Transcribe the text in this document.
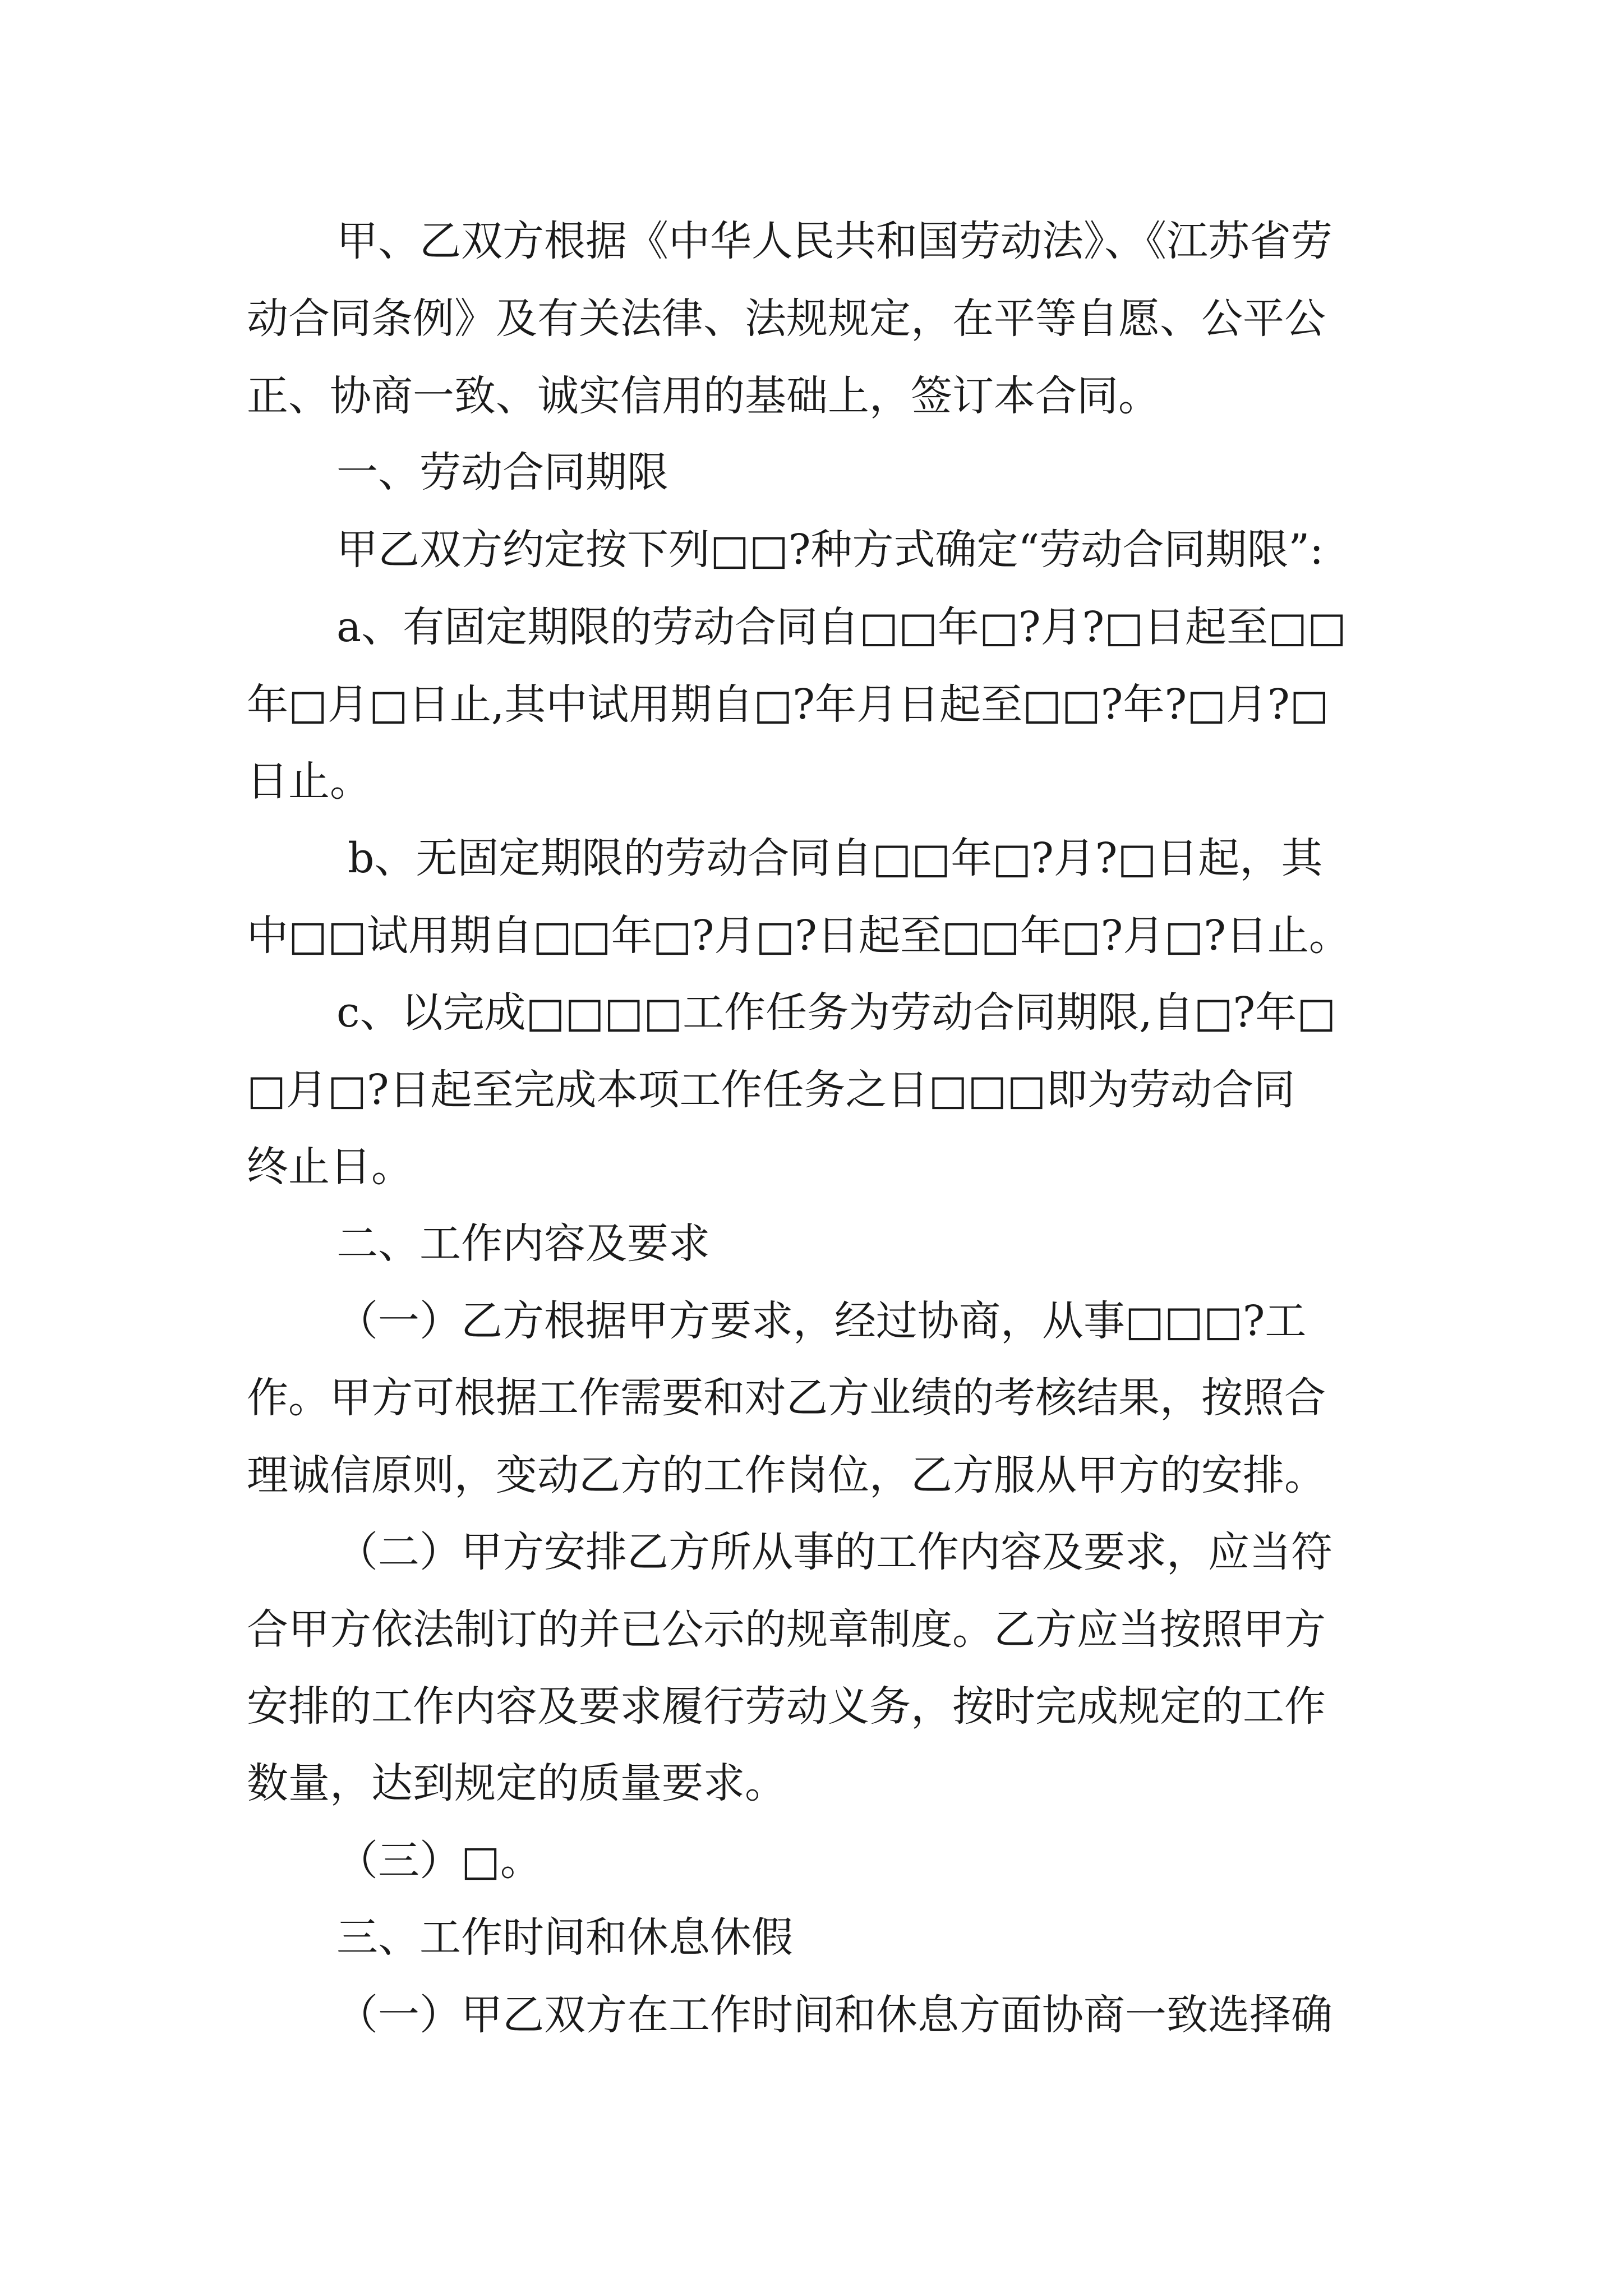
甲、乙双方根据《中华人民共和国劳动法》、《江苏省劳
动合同条例》及有关法律、法规规定，在平等自愿、公平公
正、协商一致、诚实信用的基础上，签订本合同。
一、劳动合同期限
甲乙双方约定按下列□□?种方式确定“劳动合同期限”:
a、有固定期限的劳动合同自□□年□?月?□日起至□□
年□月□日止,其中试用期自□?年月日起至□□?年?□月?□
日止。
b、无固定期限的劳动合同自□□年□?月?□日起，其
中□□试用期自□□年□?月□?日起至□□年□?月□?日止。
c、以完成□□□□工作任务为劳动合同期限,自□?年□
□月□?日起至完成本项工作任务之日□□□即为劳动合同
终止日。
二、工作内容及要求
（一）乙方根据甲方要求，经过协商，从事□□□?工
作。甲方可根据工作需要和对乙方业绩的考核结果，按照合
理诚信原则，变动乙方的工作岗位，乙方服从甲方的安排。
（二）甲方安排乙方所从事的工作内容及要求，应当符
合甲方依法制订的并已公示的规章制度。乙方应当按照甲方
安排的工作内容及要求履行劳动义务，按时完成规定的工作
数量，达到规定的质量要求。
（三）□。
三、工作时间和休息休假
（一）甲乙双方在工作时间和休息方面协商一致选择确
